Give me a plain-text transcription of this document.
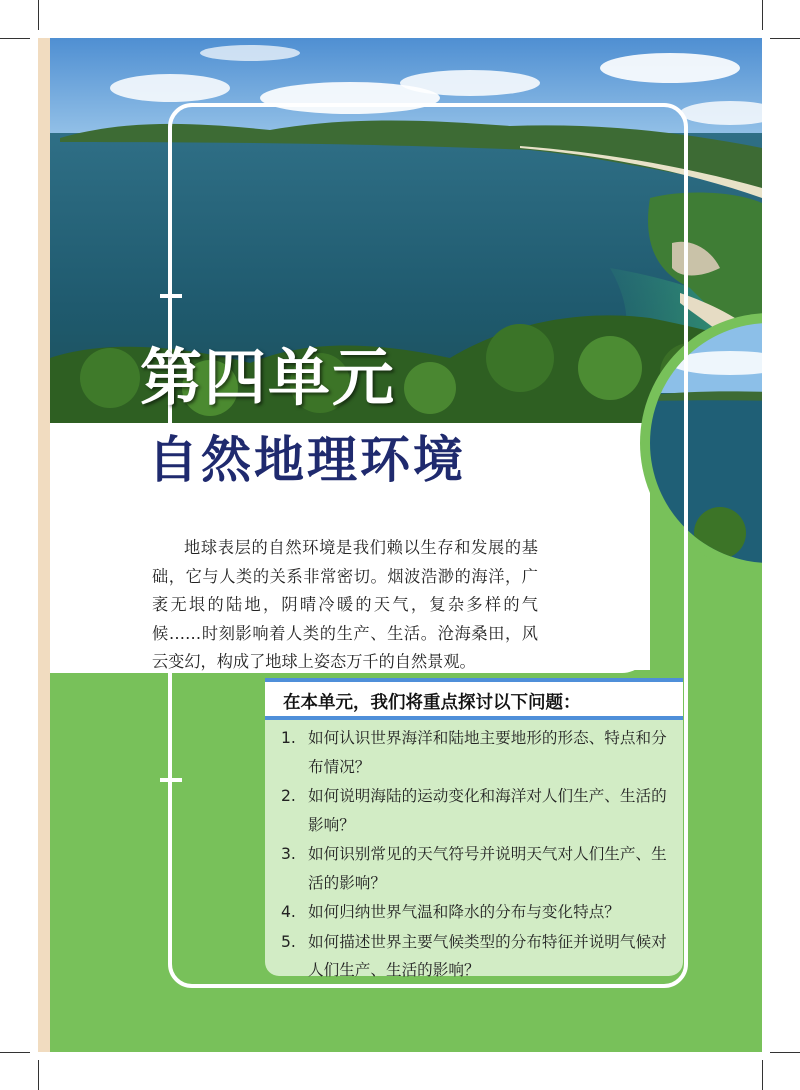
第四单元
自然地理环境

地球表层的自然环境是我们赖以生存和发展的基础，它与人类的关系非常密切。烟波浩渺的海洋，广袤无垠的陆地，阴晴冷暖的天气，复杂多样的气候……时刻影响着人类的生产、生活。沧海桑田，风云变幻，构成了地球上姿态万千的自然景观。

在本单元，我们将重点探讨以下问题：
1. 如何认识世界海洋和陆地主要地形的形态、特点和分布情况？
2. 如何说明海陆的运动变化和海洋对人们生产、生活的影响？
3. 如何识别常见的天气符号并说明天气对人们生产、生活的影响？
4. 如何归纳世界气温和降水的分布与变化特点？
5. 如何描述世界主要气候类型的分布特征并说明气候对人们生产、生活的影响？
